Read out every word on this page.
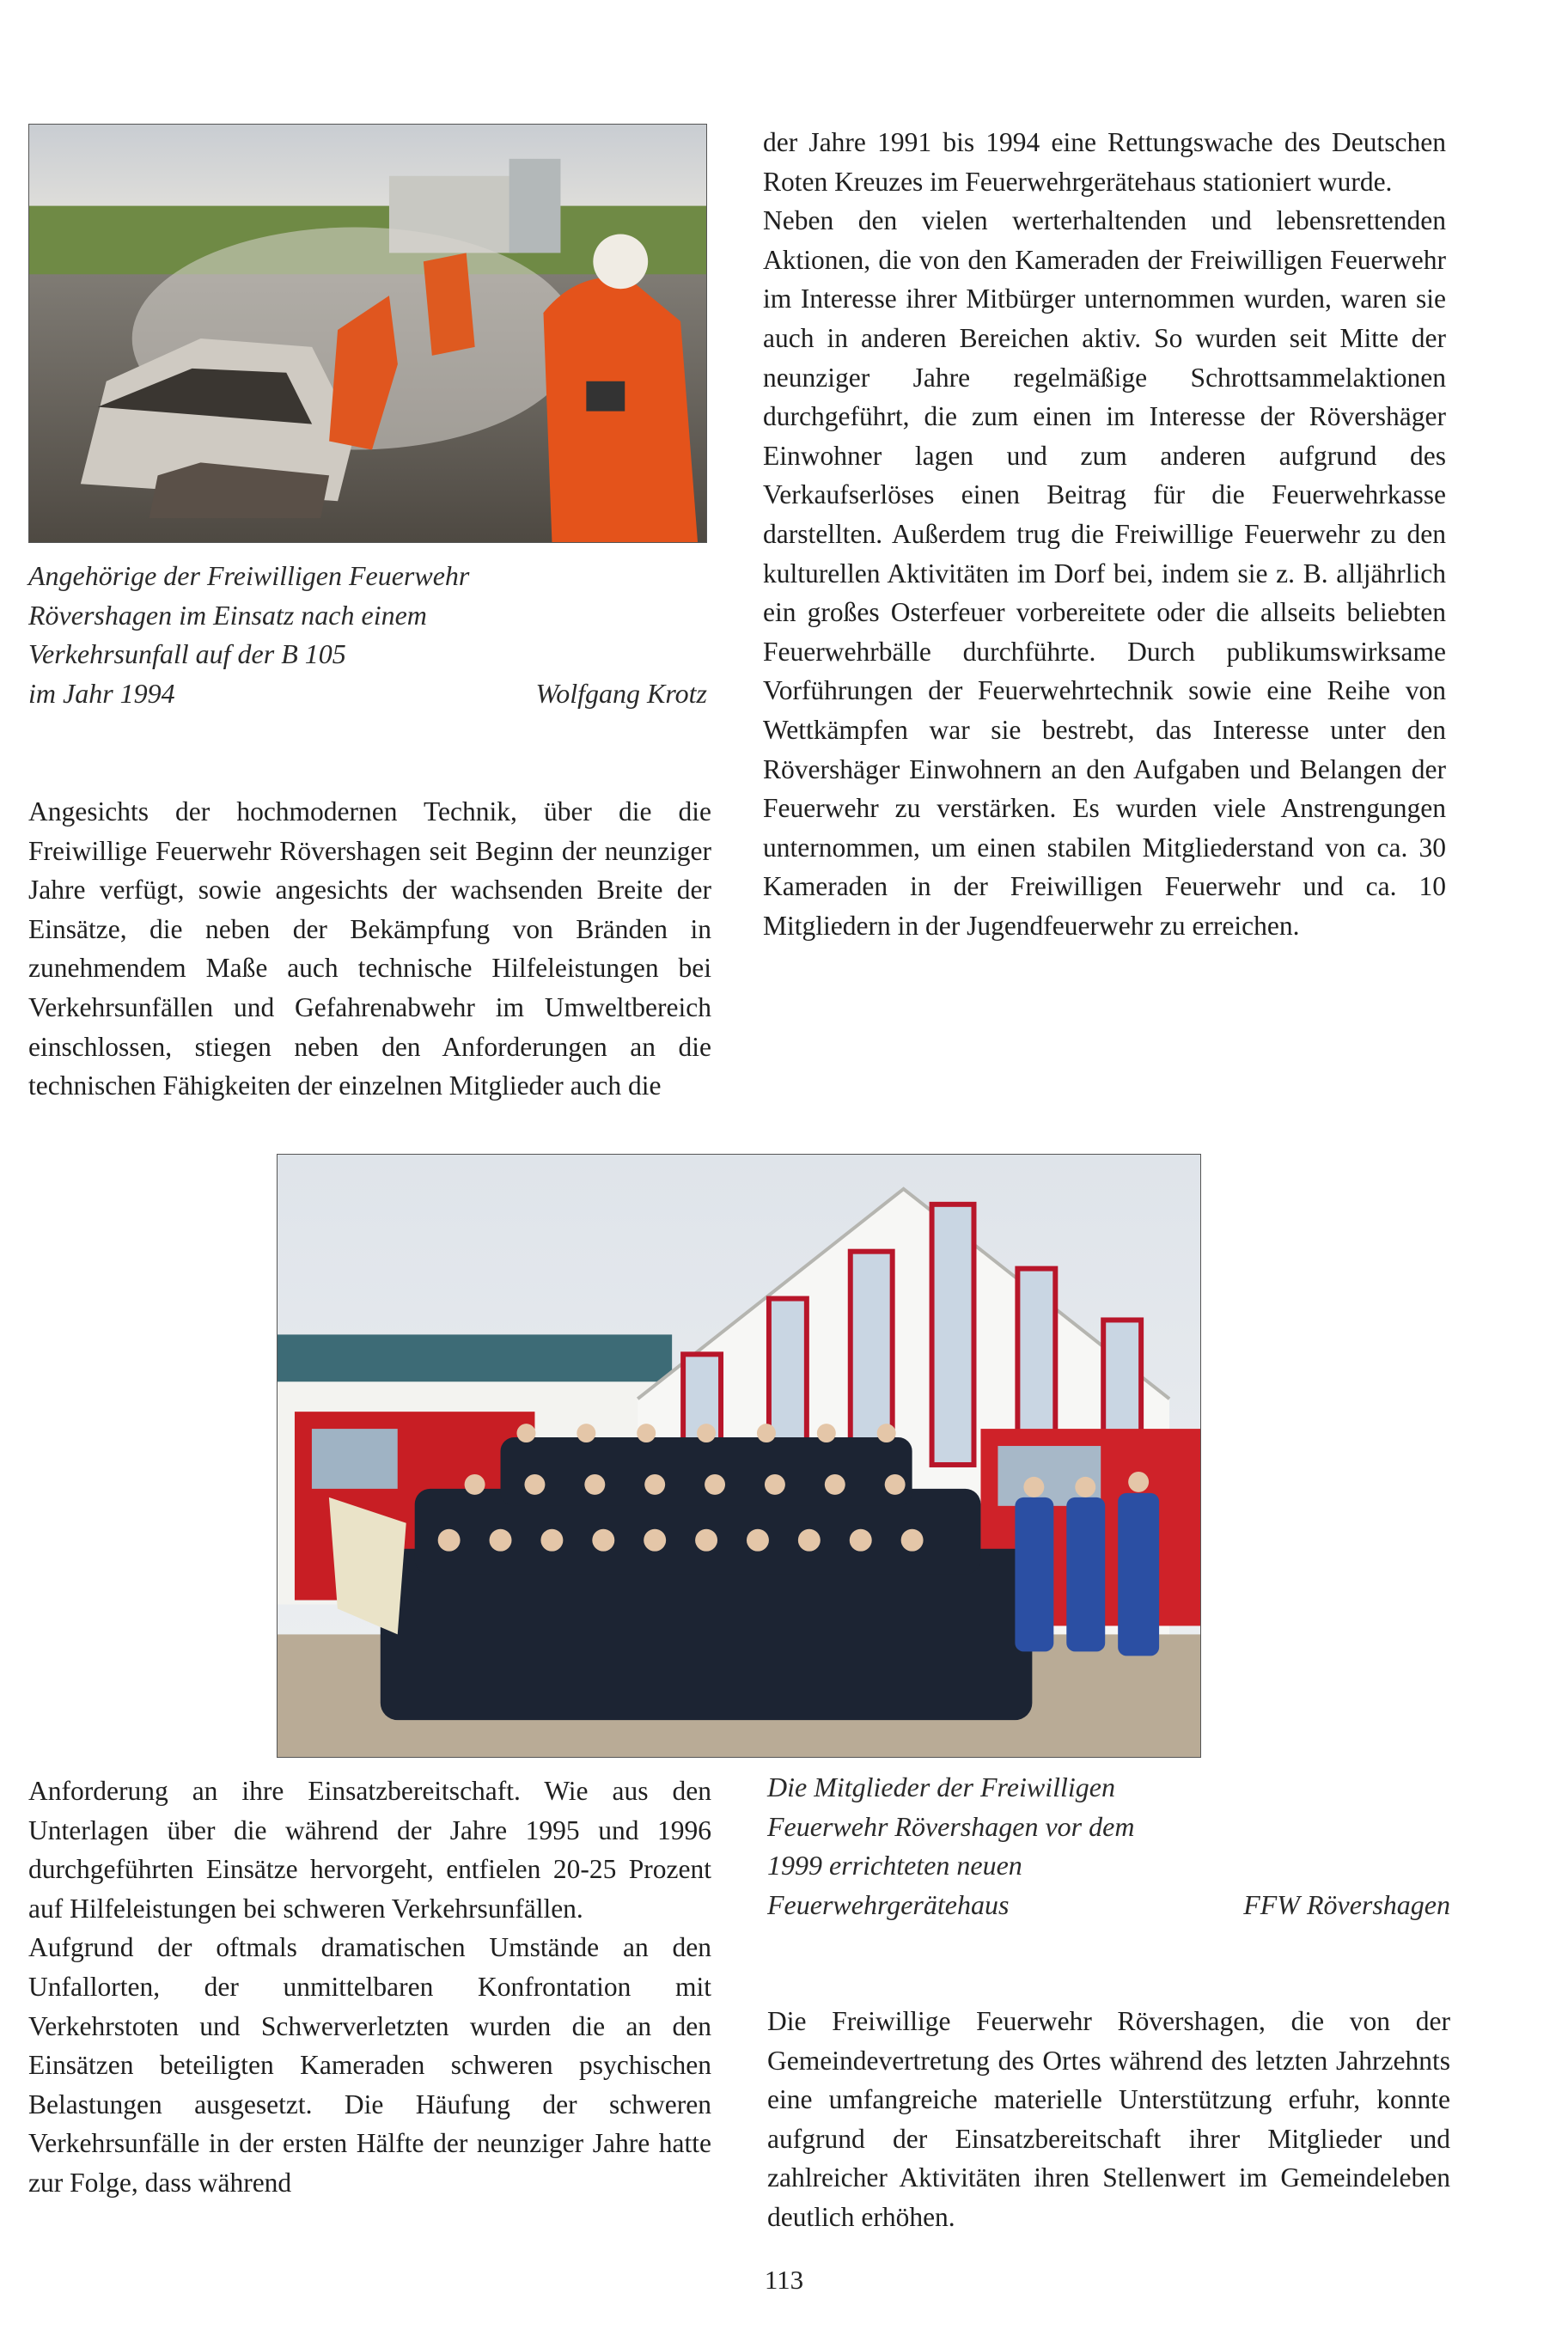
Angehörige der Freiwilligen Feuerwehr
Rövershagen im Einsatz nach einem
Verkehrsunfall auf der B 105
im Jahr 1994	Wolfgang Krotz

Angesichts der hochmodernen Technik, über die die Freiwillige Feuerwehr Rövershagen seit Beginn der neunziger Jahre verfügt, sowie angesichts der wachsenden Breite der Einsätze, die neben der Bekämpfung von Bränden in zunehmendem Maße auch technische Hilfeleistungen bei Verkehrsunfällen und Gefahrenabwehr im Umweltbereich einschlossen, stiegen neben den Anforderungen an die technischen Fähigkeiten der einzelnen Mitglieder auch die

der Jahre 1991 bis 1994 eine Rettungswache des Deutschen Roten Kreuzes im Feuerwehrgerätehaus stationiert wurde.

Neben den vielen werterhaltenden und lebensrettenden Aktionen, die von den Kameraden der Freiwilligen Feuerwehr im Interesse ihrer Mitbürger unternommen wurden, waren sie auch in anderen Bereichen aktiv. So wurden seit Mitte der neunziger Jahre regelmäßige Schrottsammelaktionen durchgeführt, die zum einen im Interesse der Rövershäger Einwohner lagen und zum anderen aufgrund des Verkaufserlöses einen Beitrag für die Feuerwehrkasse darstellten. Außerdem trug die Freiwillige Feuerwehr zu den kulturellen Aktivitäten im Dorf bei, indem sie z. B. alljährlich ein großes Osterfeuer vorbereitete oder die allseits beliebten Feuerwehrbälle durchführte. Durch publikumswirksame Vorführungen der Feuerwehrtechnik sowie eine Reihe von Wettkämpfen war sie bestrebt, das Interesse unter den Rövershäger Einwohnern an den Aufgaben und Belangen der Feuerwehr zu verstärken. Es wurden viele Anstrengungen unternommen, um einen stabilen Mitgliederstand von ca. 30 Kameraden in der Freiwilligen Feuerwehr und ca. 10 Mitgliedern in der Jugendfeuerwehr zu erreichen.

Anforderung an ihre Einsatzbereitschaft. Wie aus den Unterlagen über die während der Jahre 1995 und 1996 durchgeführten Einsätze hervorgeht, entfielen 20-25 Prozent auf Hilfeleistungen bei schweren Verkehrsunfällen.

Aufgrund der oftmals dramatischen Umstände an den Unfallorten, der unmittelbaren Konfrontation mit Verkehrstoten und Schwerverletzten wurden die an den Einsätzen beteiligten Kameraden schweren psychischen Belastungen ausgesetzt. Die Häufung der schweren Verkehrsunfälle in der ersten Hälfte der neunziger Jahre hatte zur Folge, dass während

Die Mitglieder der Freiwilligen
Feuerwehr Rövershagen vor dem
1999 errichteten neuen
Feuerwehrgerätehaus	FFW Rövershagen

Die Freiwillige Feuerwehr Rövershagen, die von der Gemeindevertretung des Ortes während des letzten Jahrzehnts eine umfangreiche materielle Unterstützung erfuhr, konnte aufgrund der Einsatzbereitschaft ihrer Mitglieder und zahlreicher Aktivitäten ihren Stellenwert im Gemeindeleben deutlich erhöhen.

113
